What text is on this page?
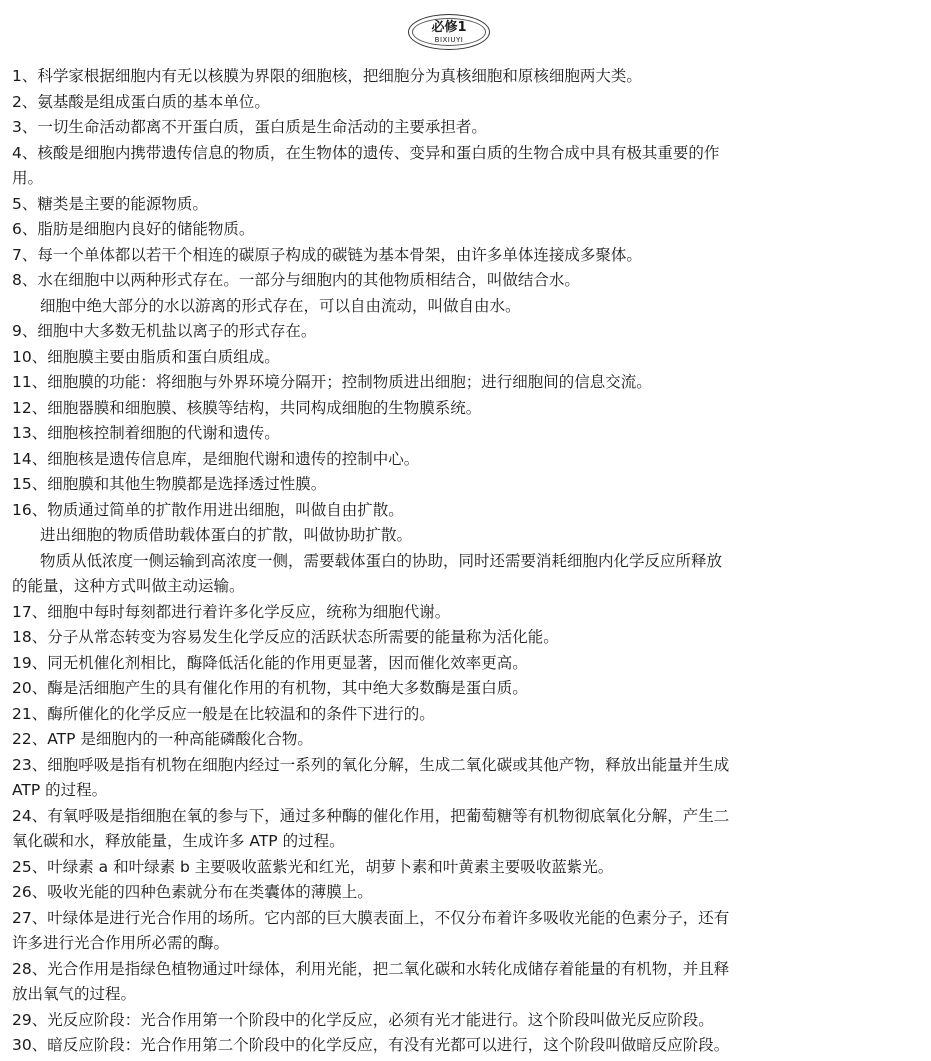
必修1
BIXIUYI
1、科学家根据细胞内有无以核膜为界限的细胞核，把细胞分为真核细胞和原核细胞两大类。
2、氨基酸是组成蛋白质的基本单位。
3、一切生命活动都离不开蛋白质，蛋白质是生命活动的主要承担者。
4、核酸是细胞内携带遗传信息的物质，在生物体的遗传、变异和蛋白质的生物合成中具有极其重要的作
用。
5、糖类是主要的能源物质。
6、脂肪是细胞内良好的储能物质。
7、每一个单体都以若干个相连的碳原子构成的碳链为基本骨架，由许多单体连接成多聚体。
8、水在细胞中以两种形式存在。一部分与细胞内的其他物质相结合，叫做结合水。
细胞中绝大部分的水以游离的形式存在，可以自由流动，叫做自由水。
9、细胞中大多数无机盐以离子的形式存在。
10、细胞膜主要由脂质和蛋白质组成。
11、细胞膜的功能：将细胞与外界环境分隔开；控制物质进出细胞；进行细胞间的信息交流。
12、细胞器膜和细胞膜、核膜等结构，共同构成细胞的生物膜系统。
13、细胞核控制着细胞的代谢和遗传。
14、细胞核是遗传信息库，是细胞代谢和遗传的控制中心。
15、细胞膜和其他生物膜都是选择透过性膜。
16、物质通过简单的扩散作用进出细胞，叫做自由扩散。
进出细胞的物质借助载体蛋白的扩散，叫做协助扩散。
物质从低浓度一侧运输到高浓度一侧，需要载体蛋白的协助，同时还需要消耗细胞内化学反应所释放
的能量，这种方式叫做主动运输。
17、细胞中每时每刻都进行着许多化学反应，统称为细胞代谢。
18、分子从常态转变为容易发生化学反应的活跃状态所需要的能量称为活化能。
19、同无机催化剂相比，酶降低活化能的作用更显著，因而催化效率更高。
20、酶是活细胞产生的具有催化作用的有机物，其中绝大多数酶是蛋白质。
21、酶所催化的化学反应一般是在比较温和的条件下进行的。
22、ATP 是细胞内的一种高能磷酸化合物。
23、细胞呼吸是指有机物在细胞内经过一系列的氧化分解，生成二氧化碳或其他产物，释放出能量并生成
ATP 的过程。
24、有氧呼吸是指细胞在氧的参与下，通过多种酶的催化作用，把葡萄糖等有机物彻底氧化分解，产生二
氧化碳和水，释放能量，生成许多 ATP 的过程。
25、叶绿素 a 和叶绿素 b 主要吸收蓝紫光和红光，胡萝卜素和叶黄素主要吸收蓝紫光。
26、吸收光能的四种色素就分布在类囊体的薄膜上。
27、叶绿体是进行光合作用的场所。它内部的巨大膜表面上，不仅分布着许多吸收光能的色素分子，还有
许多进行光合作用所必需的酶。
28、光合作用是指绿色植物通过叶绿体，利用光能，把二氧化碳和水转化成储存着能量的有机物，并且释
放出氧气的过程。
29、光反应阶段：光合作用第一个阶段中的化学反应，必须有光才能进行。这个阶段叫做光反应阶段。
30、暗反应阶段：光合作用第二个阶段中的化学反应，有没有光都可以进行，这个阶段叫做暗反应阶段。
